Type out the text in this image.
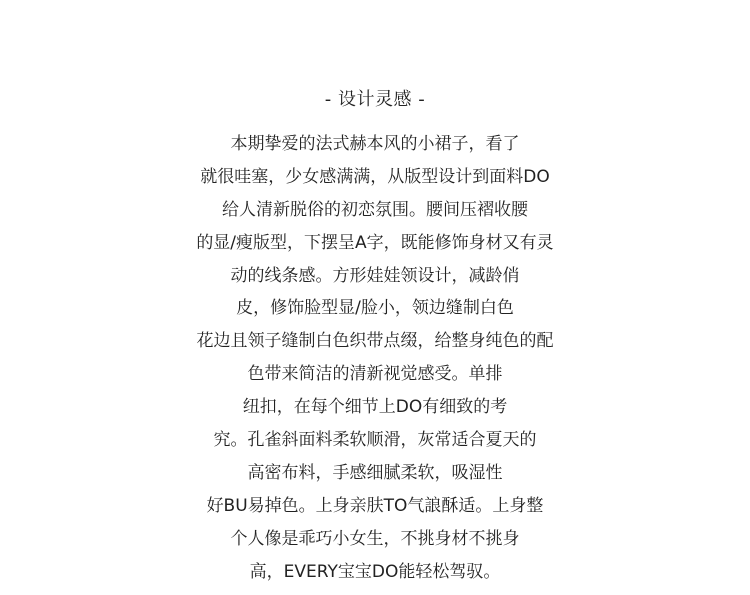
- 设计灵感 -
本期挚爱的法式赫本风的小裙子，看了
就很哇塞，少女感满满，从版型设计到面料DO
给人清新脱俗的初恋氛围。腰间压褶收腰
的显/瘦版型，下摆呈A字，既能修饰身材又有灵
动的线条感。方形娃娃领设计，减龄俏
皮，修饰脸型显/脸小，领边缝制白色
花边且领子缝制白色织带点缀，给整身纯色的配
色带来简洁的清新视觉感受。单排
纽扣，在每个细节上DO有细致的考
究。孔雀斜面料柔软顺滑，灰常适合夏天的
高密布料，手感细腻柔软，吸湿性
好BU易掉色。上身亲肤TO气誏酥适。上身整
个人像是乖巧小女生，不挑身材不挑身
高，EVERY宝宝DO能轻松驾驭。
